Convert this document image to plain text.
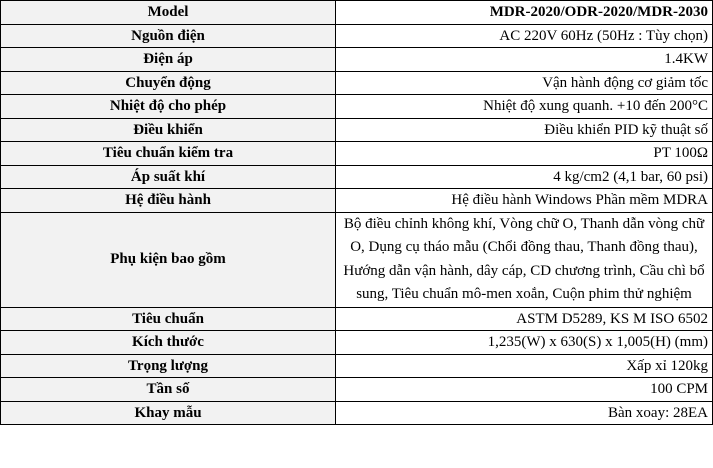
Model	MDR-2020/ODR-2020/MDR-2030
Nguồn điện	AC 220V 60Hz (50Hz : Tùy chọn)
Điện áp	1.4KW
Chuyển động	Vận hành động cơ giảm tốc
Nhiệt độ cho phép	Nhiệt độ xung quanh. +10 đến 200°C
Điều khiển	Điều khiển PID kỹ thuật số
Tiêu chuẩn kiểm tra	PT 100Ω
Áp suất khí	4 kg/cm2 (4,1 bar, 60 psi)
Hệ điều hành	Hệ điều hành Windows Phần mềm MDRA
Phụ kiện bao gồm	Bộ điều chỉnh không khí, Vòng chữ O, Thanh dẫn vòng chữ O, Dụng cụ tháo mẫu (Chổi đồng thau, Thanh đồng thau), Hướng dẫn vận hành, dây cáp, CD chương trình, Cầu chì bổ sung, Tiêu chuẩn mô-men xoắn, Cuộn phim thử nghiệm
Tiêu chuẩn	ASTM D5289, KS M ISO 6502
Kích thước	1,235(W) x 630(S) x 1,005(H) (mm)
Trọng lượng	Xấp xỉ 120kg
Tần số	100 CPM
Khay mẫu	Bàn xoay: 28EA
